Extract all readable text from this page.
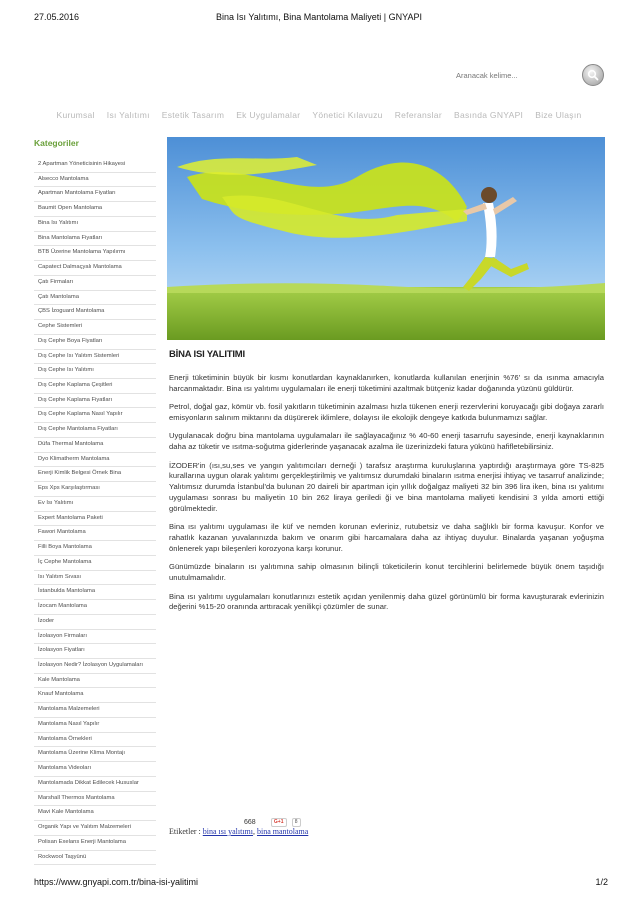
27.05.2016	Bina Isı Yalıtımı, Bina Mantolama Maliyeti | GNYAPI
Aranacak kelime...
Kurumsal Isı Yalıtımı Estetik Tasarım Ek Uygulamalar Yönetici Kılavuzu Referanslar Basında GNYAPI Bize Ulaşın
Kategoriler
2 Apartman Yöneticisinin Hikayesi
Alsecco Mantolama
Apartman Mantolama Fiyatları
Baumit Open Mantolama
Bina Isı Yalıtımı
Bina Mantolama Fiyatları
BTB Üzerine Mantolama Yapılırmı
Capatect Dalmaçyalı Mantolama
Çatı Firmaları
Çatı Mantolama
ÇBS İzoguard Mantolama
Cephe Sistemleri
Dış Cephe Boya Fiyatları
Dış Cephe Isı Yalıtım Sistemleri
Dış Cephe Isı Yalıtımı
Dış Cephe Kaplama Çeşitleri
Dış Cephe Kaplama Fiyatları
Dış Cephe Kaplama Nasıl Yapılır
Dış Cephe Mantolama Fiyatları
Düfa Thermal Mantolama
Dyo Klimatherm Mantolama
Enerji Kimlik Belgesi Örnek Bina
Eps Xps Karşılaştırması
Ev Isı Yalıtımı
Expert Mantolama Paketi
Fawori Mantolama
Filli Boya Mantolama
İç Cephe Mantolama
Isı Yalıtım Sıvası
İstanbulda Mantolama
İzocam Mantolama
İzoder
İzolasyon Firmaları
İzolasyon Fiyatları
İzolasyon Nedir? İzolasyon Uygulamaları
Kale Mantolama
Knauf Mantolama
Mantolama Malzemeleri
Mantolama Nasıl Yapılır
Mantolama Örnekleri
Mantolama Üzerine Klima Montajı
Mantolama Videoları
Mantolamada Dikkat Edilecek Hususlar
Marshall Thermos Mantolama
Mavi Kale Mantolama
Organik Yapı ve Yalıtım Malzemeleri
Polisan Exelans Enerji Mantolama
Rockwool Taşyünü
BİNA ISI YALITIMI

Enerji tüketiminin büyük bir kısmı konutlardan kaynaklanırken, konutlarda kullanılan enerjinin %76' sı da ısınma amacıyla harcanmaktadır. Bina ısı yalıtımı uygulamaları ile enerji tüketimini azaltmak bütçeniz kadar doğanında yüzünü güldürür.

Petrol, doğal gaz, kömür vb. fosil yakıtların tüketiminin azalması hızla tükenen enerji rezervlerini koruyacağı gibi doğaya zararlı emisyonların salınım miktarını da düşürerek iklimlere, dolayısı ile ekolojik dengeye katkıda bulunmamızı sağlar.

Uygulanacak doğru bina mantolama uygulamaları ile sağlayacağınız % 40-60 enerji tasarrufu sayesinde, enerji kaynaklarının daha az tüketir ve ısıtma-soğutma giderlerinde yaşanacak azalma ile üzerinizdeki fatura yükünü hafifletebilirsiniz.

İZODER'in (ısı,su,ses ve yangın yalıtımcıları derneği ) tarafsız araştırma kuruluşlarına yaptırdığı araştırmaya göre TS-825 kurallarına uygun olarak yalıtımı gerçekleştirilmiş ve yalıtımsız durumdaki binaların ısıtma enerjisi ihtiyaç ve tasarruf analizinde; Yalıtımsız durumda İstanbul'da bulunan 20 daireli bir apartman için yıllık doğalgaz maliyeti 32 bin 396 lira iken, bina ısı yalıtımı uygulaması sonrası bu maliyetin 10 bin 262 liraya geriledi ği ve bina mantolama maliyeti kendisini 3 yılda amorti ettiği görülmektedir.

Bina ısı yalıtımı uygulaması ile küf ve nemden korunan evleriniz, rutubetsiz ve daha sağlıklı bir forma kavuşur. Konfor ve rahatlık kazanan yuvalarınızda bakım ve onarım gibi harcamalara daha az ihtiyaç duyulur. Binalarda yaşanan yoğuşma önlenerek yapı bileşenleri korozyona karşı korunur.

Günümüzde binaların ısı yalıtımına sahip olmasının bilinçli tüketicilerin konut tercihlerini belirlemede büyük önem taşıdığı unutulmamalıdır.

Bina ısı yalıtımı uygulamaları konutlarınızı estetik açıdan yenilenmiş daha güzel görünümlü bir forma kavuşturarak evlerinizin değerini %15-20 oranında arttıracak yenilikçi çözümler de sunar.

668	G+1	8
Etiketler : bina ısı yalıtımı, bina mantolama
https://www.gnyapi.com.tr/bina-isi-yalitimi	1/2
